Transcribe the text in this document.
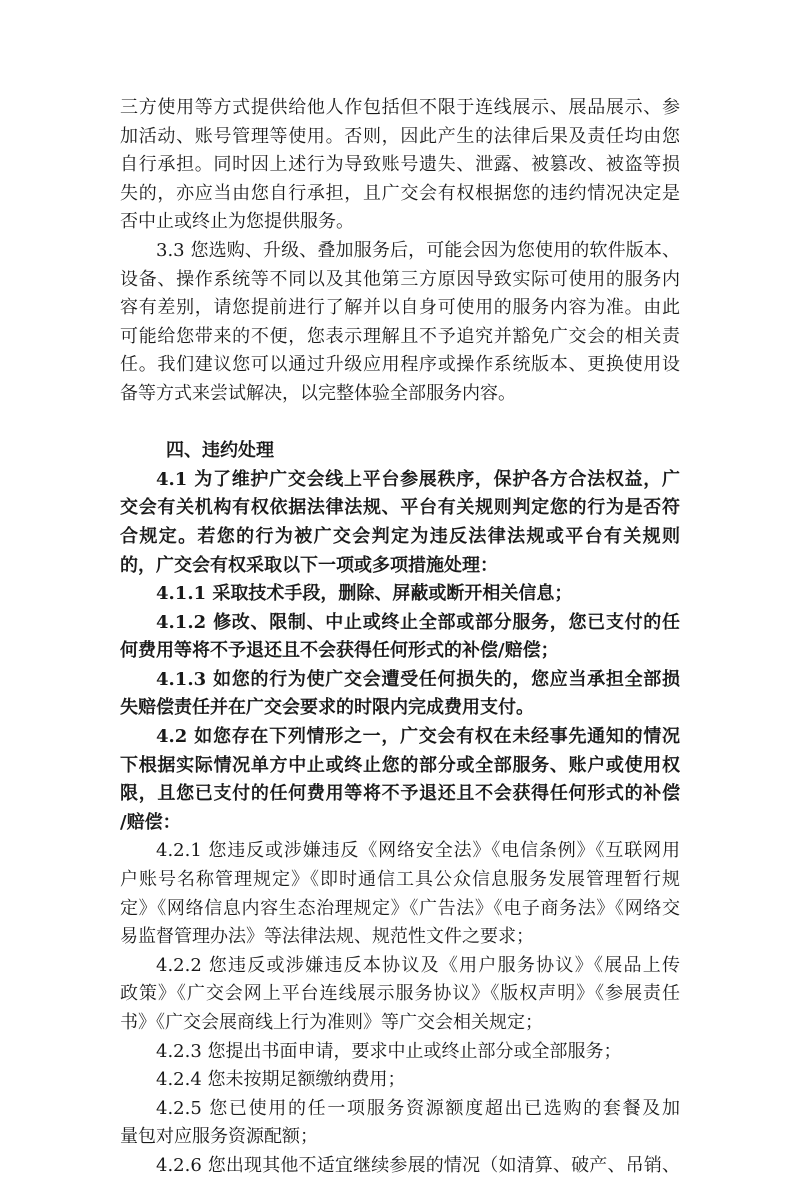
三方使用等方式提供给他人作包括但不限于连线展示、展品展示、参
加活动、账号管理等使用。否则，因此产生的法律后果及责任均由您
自行承担。同时因上述行为导致账号遗失、泄露、被篡改、被盗等损
失的，亦应当由您自行承担，且广交会有权根据您的违约情况决定是
否中止或终止为您提供服务。
3.3 您选购、升级、叠加服务后，可能会因为您使用的软件版本、
设备、操作系统等不同以及其他第三方原因导致实际可使用的服务内
容有差别，请您提前进行了解并以自身可使用的服务内容为准。由此
可能给您带来的不便，您表示理解且不予追究并豁免广交会的相关责
任。我们建议您可以通过升级应用程序或操作系统版本、更换使用设
备等方式来尝试解决，以完整体验全部服务内容。
四、违约处理
4.1 为了维护广交会线上平台参展秩序，保护各方合法权益，广
交会有关机构有权依据法律法规、平台有关规则判定您的行为是否符
合规定。若您的行为被广交会判定为违反法律法规或平台有关规则
的，广交会有权采取以下一项或多项措施处理：
4.1.1 采取技术手段，删除、屏蔽或断开相关信息；
4.1.2 修改、限制、中止或终止全部或部分服务，您已支付的任
何费用等将不予退还且不会获得任何形式的补偿/赔偿；
4.1.3 如您的行为使广交会遭受任何损失的，您应当承担全部损
失赔偿责任并在广交会要求的时限内完成费用支付。
4.2 如您存在下列情形之一，广交会有权在未经事先通知的情况
下根据实际情况单方中止或终止您的部分或全部服务、账户或使用权
限，且您已支付的任何费用等将不予退还且不会获得任何形式的补偿
/赔偿：
4.2.1 您违反或涉嫌违反《网络安全法》《电信条例》《互联网用
户账号名称管理规定》《即时通信工具公众信息服务发展管理暂行规
定》《网络信息内容生态治理规定》《广告法》《电子商务法》《网络交
易监督管理办法》等法律法规、规范性文件之要求；
4.2.2 您违反或涉嫌违反本协议及《用户服务协议》《展品上传
政策》《广交会网上平台连线展示服务协议》《版权声明》《参展责任
书》《广交会展商线上行为准则》等广交会相关规定；
4.2.3 您提出书面申请，要求中止或终止部分或全部服务；
4.2.4 您未按期足额缴纳费用；
4.2.5 您已使用的任一项服务资源额度超出已选购的套餐及加
量包对应服务资源配额；
4.2.6 您出现其他不适宜继续参展的情况（如清算、破产、吊销、
